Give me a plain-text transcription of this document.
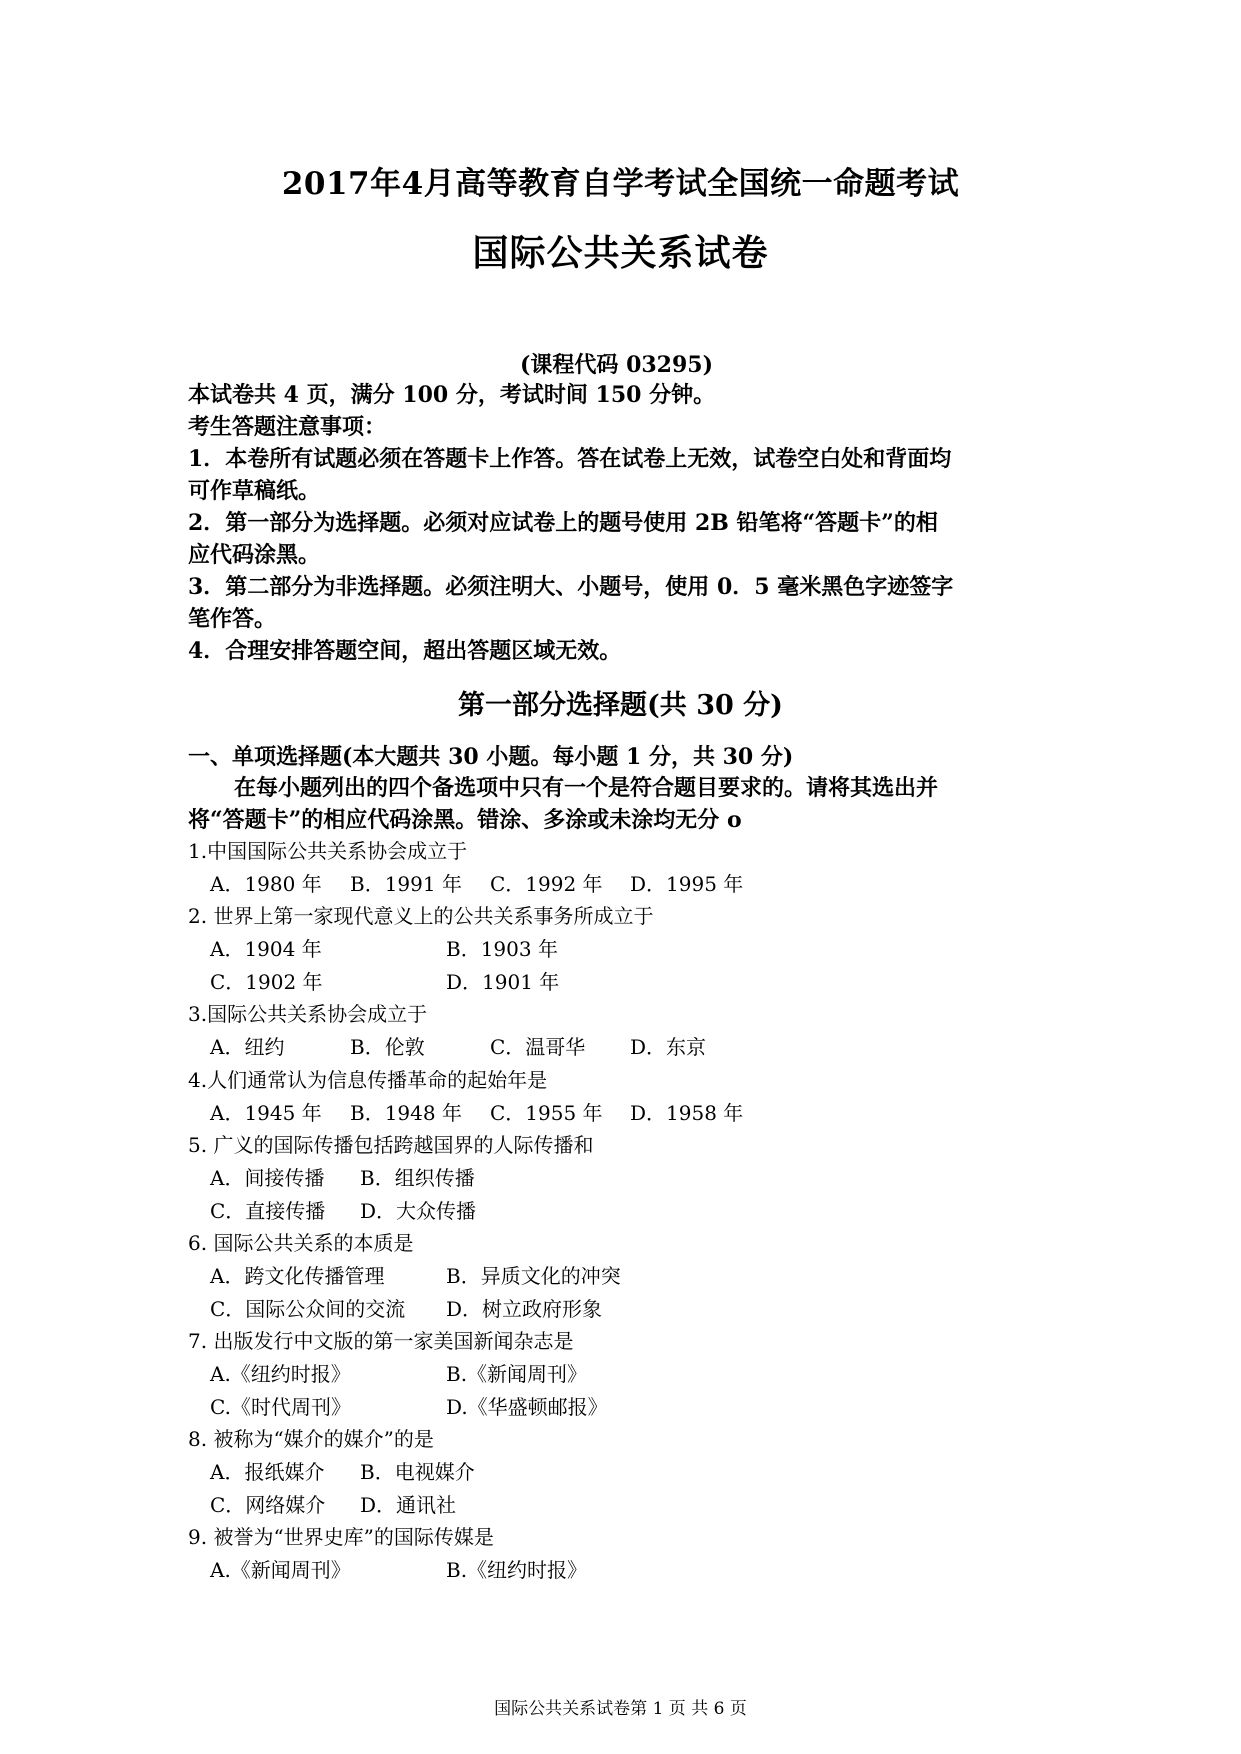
2017年4月高等教育自学考试全国统一命题考试
国际公共关系试卷
(课程代码 03295)
本试卷共 4 页，满分 100 分，考试时间 150 分钟。
考生答题注意事项：
1．本卷所有试题必须在答题卡上作答。答在试卷上无效，试卷空白处和背面均
可作草稿纸。
2．第一部分为选择题。必须对应试卷上的题号使用 2B 铅笔将“答题卡”的相
应代码涂黑。
3．第二部分为非选择题。必须注明大、小题号，使用 0．5 毫米黑色字迹签字
笔作答。
4．合理安排答题空间，超出答题区域无效。
第一部分选择题(共 30 分)
一、单项选择题(本大题共 30 小题。每小题 1 分，共 30 分)
在每小题列出的四个备选项中只有一个是符合题目要求的。请将其选出并
将“答题卡”的相应代码涂黑。错涂、多涂或未涂均无分 o
1.中国国际公共关系协会成立于
A．1980 年 B．1991 年 C．1992 年 D．1995 年
2. 世界上第一家现代意义上的公共关系事务所成立于
A．1904 年	B．1903 年
C．1902 年	D．1901 年
3.国际公共关系协会成立于
A．纽约	B．伦敦	C．温哥华 D．东京
4.人们通常认为信息传播革命的起始年是
A．1945 年 B．1948 年 C．1955 年 D．1958 年
5. 广义的国际传播包括跨越国界的人际传播和
A．间接传播 B．组织传播
C．直接传播 D．大众传播
6. 国际公共关系的本质是
A．跨文化传播管理	B．异质文化的冲突
C．国际公众间的交流 D．树立政府形象
7. 出版发行中文版的第一家美国新闻杂志是
A.《纽约时报》	B.《新闻周刊》
C.《时代周刊》	D.《华盛顿邮报》
8. 被称为“媒介的媒介”的是
A．报纸媒介 B．电视媒介
C．网络媒介 D．通讯社
9. 被誉为“世界史库”的国际传媒是
A.《新闻周刊》	B.《纽约时报》
国际公共关系试卷第 1 页 共 6 页
